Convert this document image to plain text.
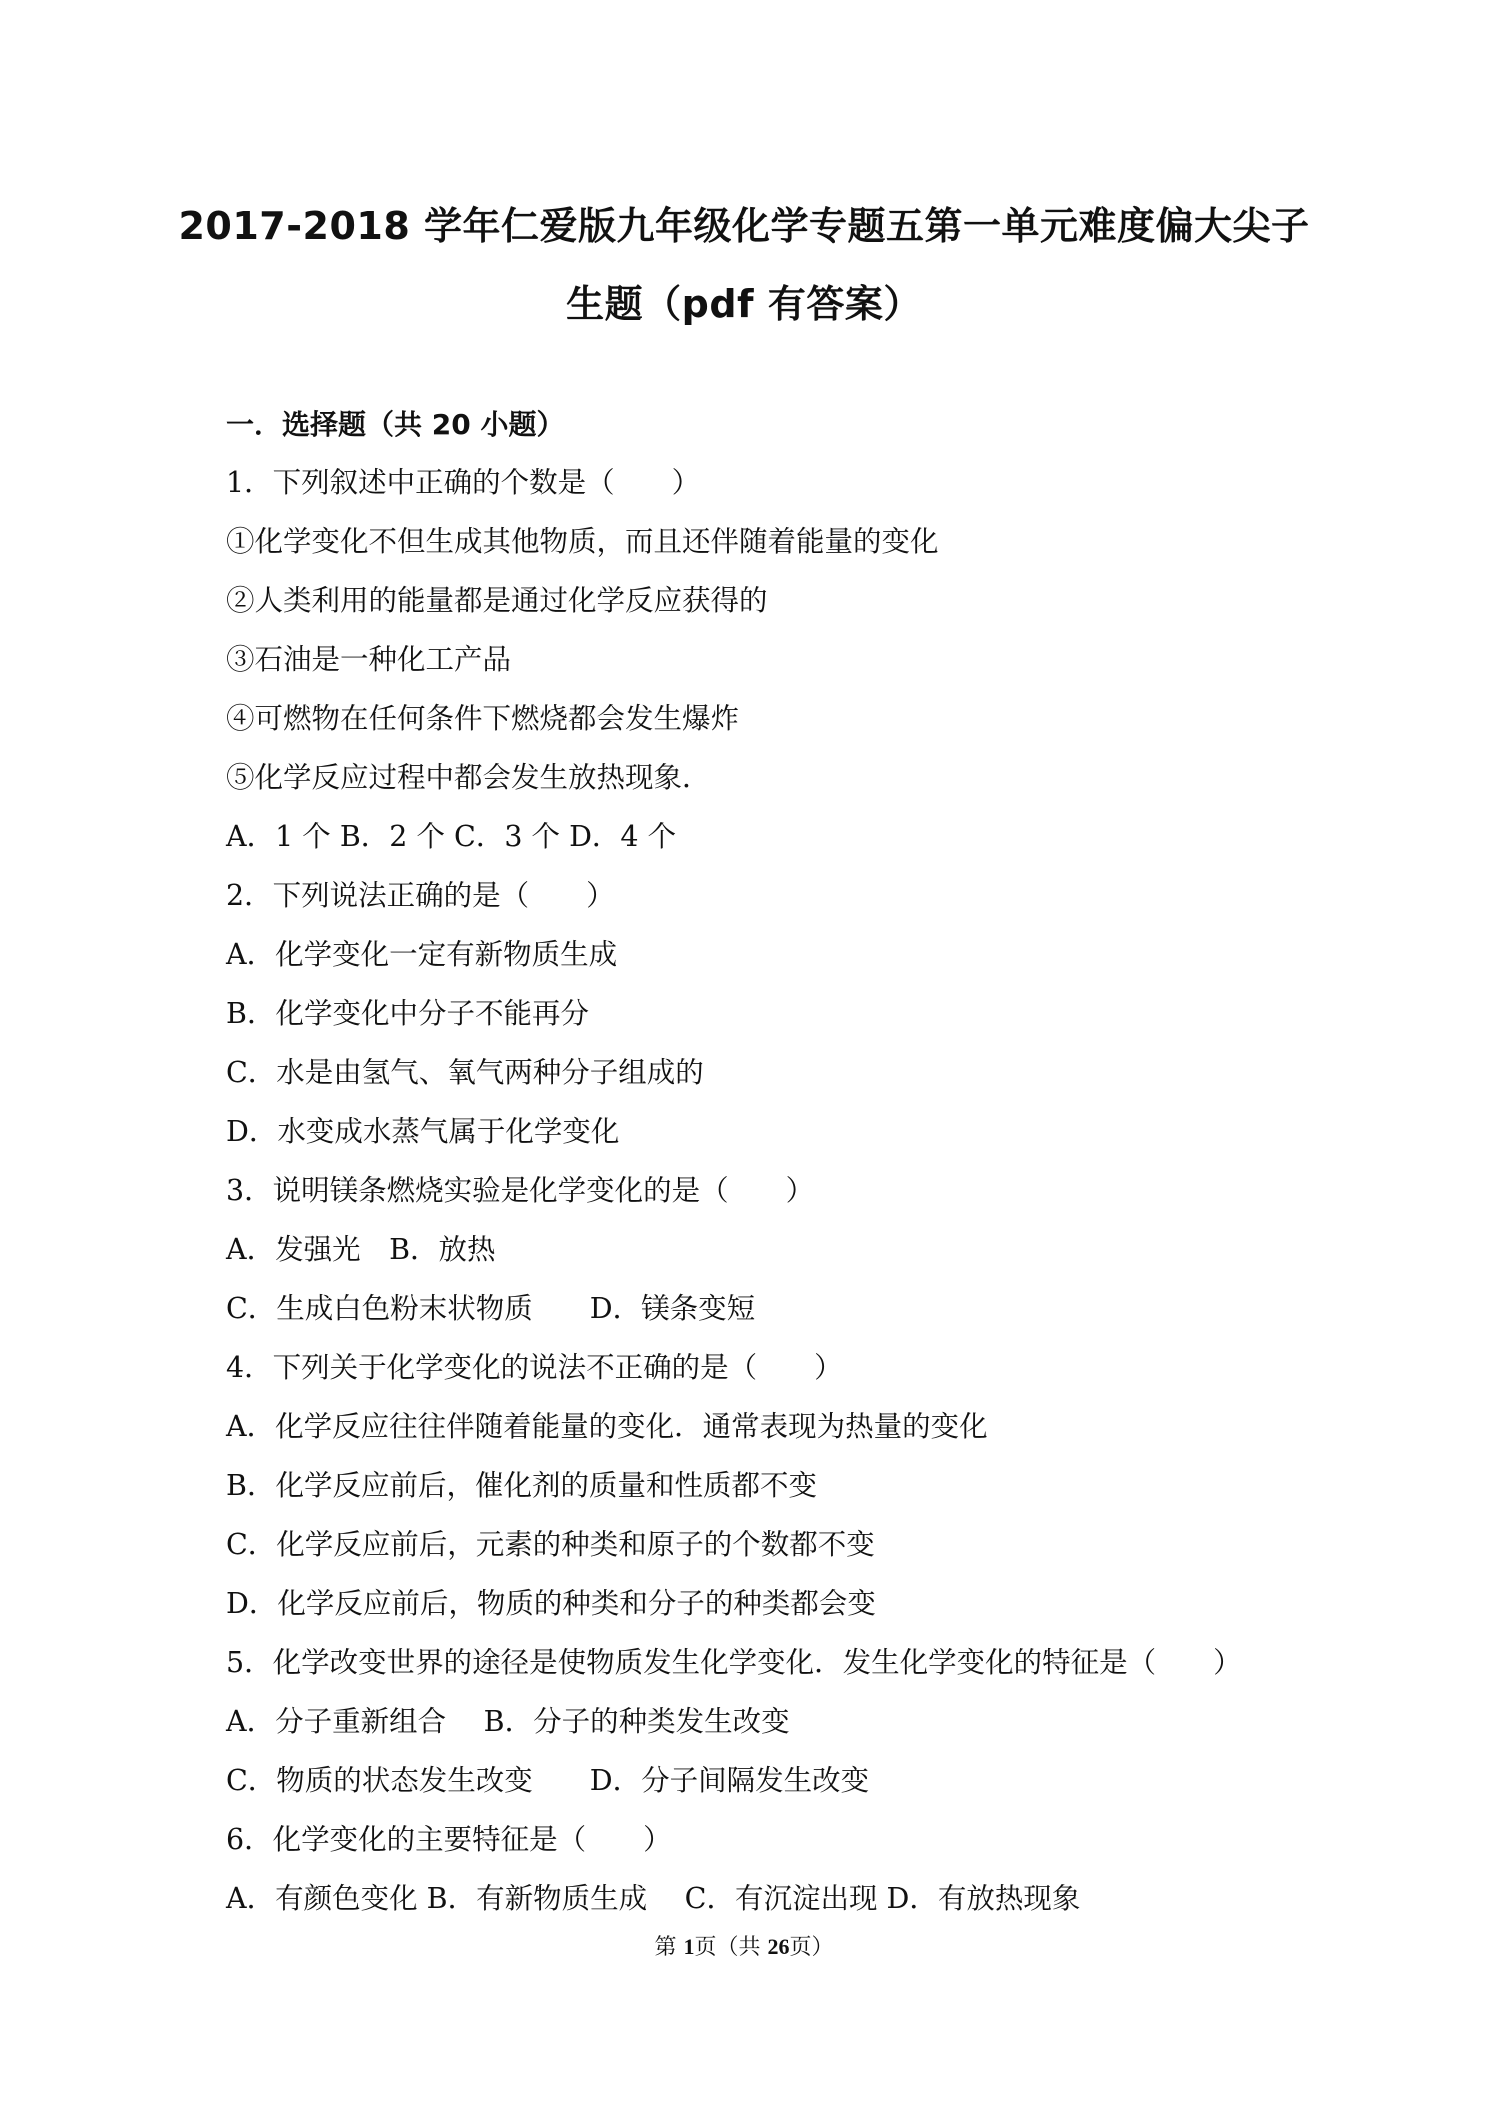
2017-2018 学年仁爱版九年级化学专题五第一单元难度偏大尖子
生题（pdf 有答案）
一．选择题（共 20 小题）
1．下列叙述中正确的个数是（　　）
①化学变化不但生成其他物质，而且还伴随着能量的变化
②人类利用的能量都是通过化学反应获得的
③石油是一种化工产品
④可燃物在任何条件下燃烧都会发生爆炸
⑤化学反应过程中都会发生放热现象．
A．1 个 B．2 个 C．3 个 D．4 个
2．下列说法正确的是（　　）
A．化学变化一定有新物质生成
B．化学变化中分子不能再分
C．水是由氢气、氧气两种分子组成的
D．水变成水蒸气属于化学变化
3．说明镁条燃烧实验是化学变化的是（　　）
A．发强光　B．放热
C．生成白色粉末状物质　　D．镁条变短
4．下列关于化学变化的说法不正确的是（　　）
A．化学反应往往伴随着能量的变化．通常表现为热量的变化
B．化学反应前后，催化剂的质量和性质都不变
C．化学反应前后，元素的种类和原子的个数都不变
D．化学反应前后，物质的种类和分子的种类都会变
5．化学改变世界的途径是使物质发生化学变化．发生化学变化的特征是（　　）
A．分子重新组合　 B．分子的种类发生改变
C．物质的状态发生改变　　D．分子间隔发生改变
6．化学变化的主要特征是（　　）
A．有颜色变化 B．有新物质生成　 C．有沉淀出现 D．有放热现象
第 1页（共 26页）
